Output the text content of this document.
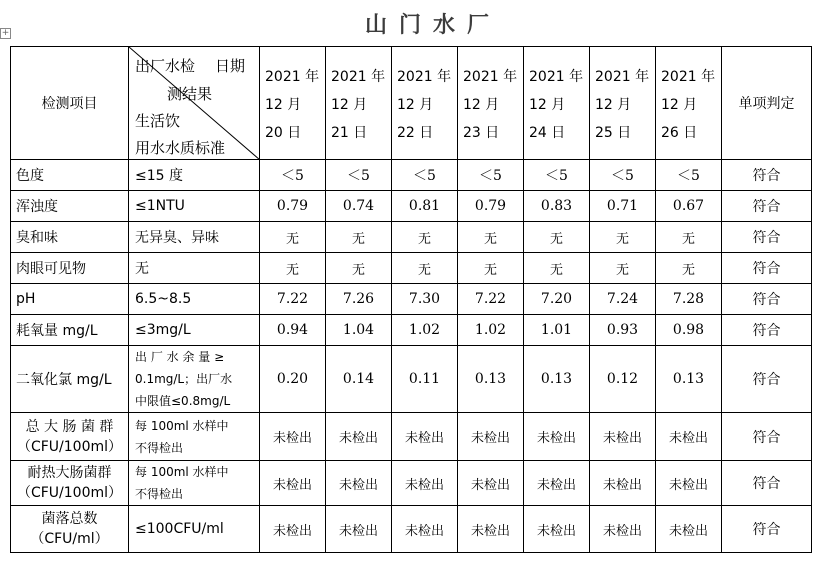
山门水厂
+
检测项目	出厂水检 日期
测结果
生活饮
用水水质标准	2021 年
12 月
20 日	2021 年
12 月
21 日	2021 年
12 月
22 日	2021 年
12 月
23 日	2021 年
12 月
24 日	2021 年
12 月
25 日	2021 年
12 月
26 日	单项判定

色度	≤15 度	＜5	＜5	＜5	＜5	＜5	＜5	＜5	符合

浑浊度	≤1NTU	0.79	0.74	0.81	0.79	0.83	0.71	0.67	符合

臭和味	无异臭、异味	无	无	无	无	无	无	无	符合

肉眼可见物	无	无	无	无	无	无	无	无	符合

pH	6.5~8.5	7.22	7.26	7.30	7.22	7.20	7.24	7.28	符合

耗氧量 mg/L	≤3mg/L	0.94	1.04	1.02	1.02	1.01	0.93	0.98	符合

二氧化氯 mg/L	出 厂 水 余 量 ≥
0.1mg/L；出厂水
中限值≤0.8mg/L	0.20	0.14	0.11	0.13	0.13	0.12	0.13	符合

总 大 肠 菌 群
（CFU/100ml）	每 100ml 水样中
不得检出	未检出	未检出	未检出	未检出	未检出	未检出	未检出	符合

耐热大肠菌群
（CFU/100ml）	每 100ml 水样中
不得检出	未检出	未检出	未检出	未检出	未检出	未检出	未检出	符合

菌落总数
（CFU/ml）	≤100CFU/ml	未检出	未检出	未检出	未检出	未检出	未检出	未检出	符合
